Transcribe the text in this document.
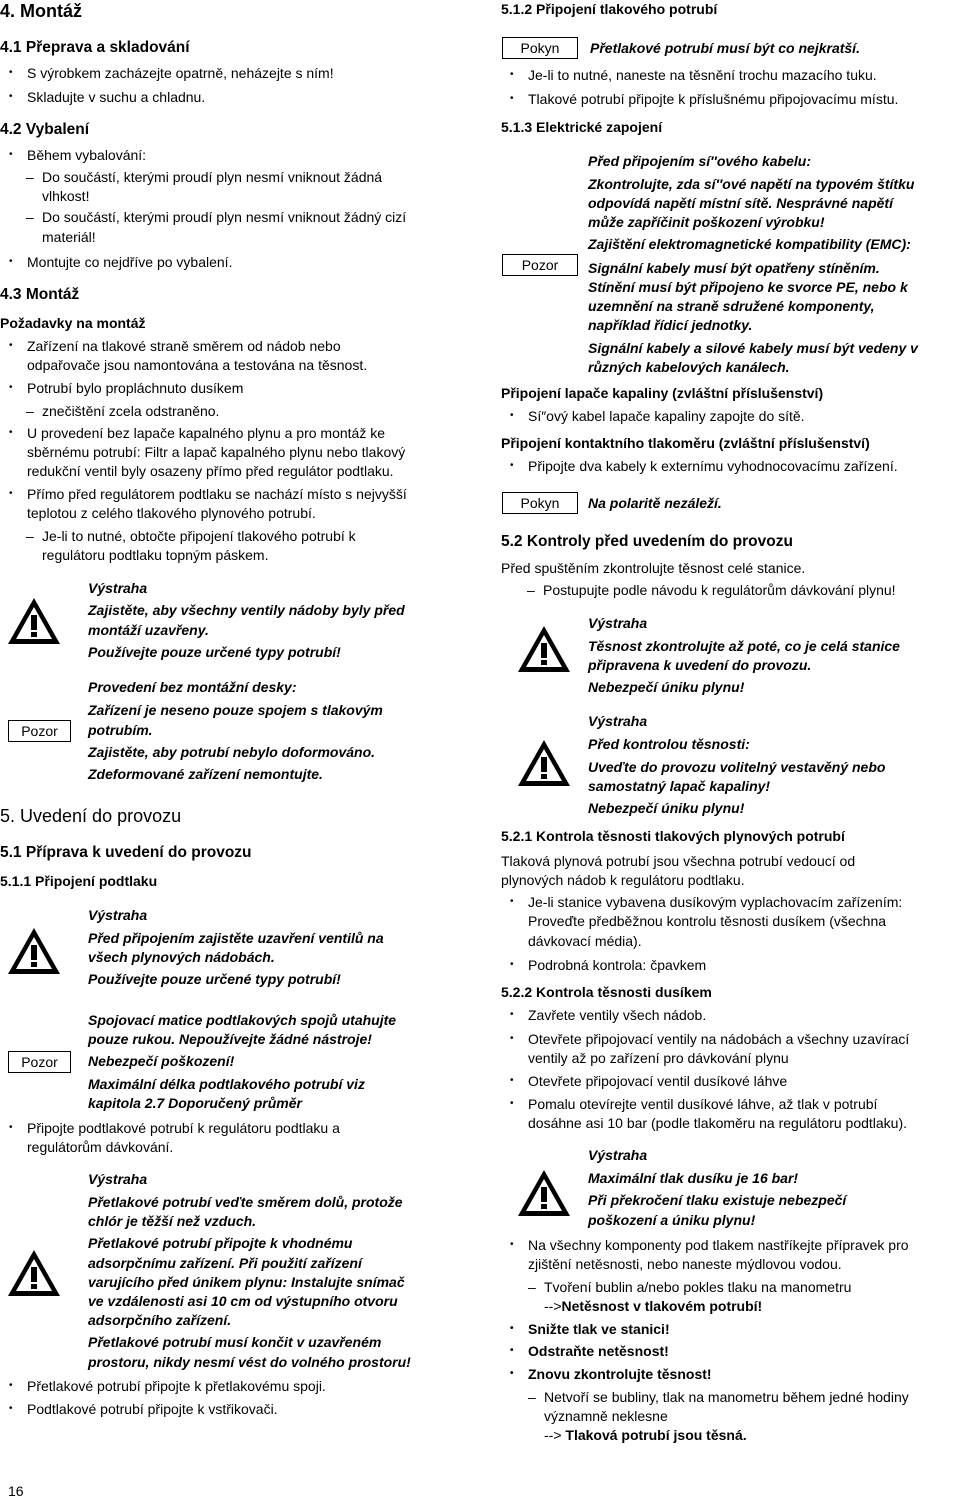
4. Montáž
4.1 Přeprava a skladování
• S výrobkem zacházejte opatrně, neházejte s ním!
• Skladujte v suchu a chladnu.
4.2 Vybalení
• Během vybalování:
– Do součástí, kterými proudí plyn nesmí vniknout žádná
vlhkost!
– Do součástí, kterými proudí plyn nesmí vniknout žádný cizí
materiál!
• Montujte co nejdříve po vybalení.
4.3 Montáž
Požadavky na montáž
• Zařízení na tlakové straně směrem od nádob nebo
odpařovače jsou namontována a testována na těsnost.
• Potrubí bylo propláchnuto dusíkem
– znečištění zcela odstraněno.
• U provedení bez lapače kapalného plynu a pro montáž ke
sběrnému potrubí: Filtr a lapač kapalného plynu nebo tlakový
redukční ventil byly osazeny přímo před regulátor podtlaku.
• Přímo před regulátorem podtlaku se nachází místo s nejvyšší
teplotou z celého tlakového plynového potrubí.
– Je-li to nutné, obtočte připojení tlakového potrubí k
regulátoru podtlaku topným páskem.
Výstraha
Zajistěte, aby všechny ventily nádoby byly před
montáží uzavřeny.
Používejte pouze určené typy potrubí!
Pozor
Provedení bez montážní desky:
Zařízení je neseno pouze spojem s tlakovým
potrubím.
Zajistěte, aby potrubí nebylo doformováno.
Zdeformované zařízení nemontujte.
5. Uvedení do provozu
5.1 Příprava k uvedení do provozu
5.1.1 Připojení podtlaku
Výstraha
Před připojením zajistěte uzavření ventilů na
všech plynových nádobách.
Používejte pouze určené typy potrubí!
Pozor
Spojovací matice podtlakových spojů utahujte
pouze rukou. Nepoužívejte žádné nástroje!
Nebezpečí poškození!
Maximální délka podtlakového potrubí viz
kapitola 2.7 Doporučený průměr
• Připojte podtlakové potrubí k regulátoru podtlaku a
regulátorům dávkování.
Výstraha
Přetlakové potrubí veďte směrem dolů, protože
chlór je těžší než vzduch.
Přetlakové potrubí připojte k vhodnému
adsorpčnímu zařízení. Při použití zařízení
varujícího před únikem plynu: Instalujte snímač
ve vzdálenosti asi 10 cm od výstupního otvoru
adsorpčního zařízení.
Přetlakové potrubí musí končit v uzavřeném
prostoru, nikdy nesmí vést do volného prostoru!
• Přetlakové potrubí připojte k přetlakovému spoji.
• Podtlakové potrubí připojte k vstřikovači.
5.1.2 Připojení tlakového potrubí
Pokyn Přetlakové potrubí musí být co nejkratší.
• Je-li to nutné, naneste na těsnění trochu mazacího tuku.
• Tlakové potrubí připojte k příslušnému připojovacímu místu.
5.1.3 Elektrické zapojení
Pozor
Před připojením sí″ového kabelu:
Zkontrolujte, zda sí″ové napětí na typovém štítku
odpovídá napětí místní sítě. Nesprávné napětí
může zapříčinit poškození výrobku!
Zajištění elektromagnetické kompatibility (EMC):
Signální kabely musí být opatřeny stíněním.
Stínění musí být připojeno ke svorce PE, nebo k
uzemnění na straně sdružené komponenty,
například řídicí jednotky.
Signální kabely a silové kabely musí být vedeny v
různých kabelových kanálech.
Připojení lapače kapaliny (zvláštní příslušenství)
• Sí″ový kabel lapače kapaliny zapojte do sítě.
Připojení kontaktního tlakoměru (zvláštní příslušenství)
• Připojte dva kabely k externímu vyhodnocovacímu zařízení.
Pokyn Na polaritě nezáleží.
5.2 Kontroly před uvedením do provozu
Před spuštěním zkontrolujte těsnost celé stanice.
– Postupujte podle návodu k regulátorům dávkování plynu!
Výstraha
Těsnost zkontrolujte až poté, co je celá stanice
připravena k uvedení do provozu.
Nebezpečí úniku plynu!
Výstraha
Před kontrolou těsnosti:
Uveďte do provozu volitelný vestavěný nebo
samostatný lapač kapaliny!
Nebezpečí úniku plynu!
5.2.1 Kontrola těsnosti tlakových plynových potrubí
Tlaková plynová potrubí jsou všechna potrubí vedoucí od
plynových nádob k regulátoru podtlaku.
• Je-li stanice vybavena dusíkovým vyplachovacím zařízením:
Proveďte předběžnou kontrolu těsnosti dusíkem (všechna
dávkovací média).
• Podrobná kontrola: čpavkem
5.2.2 Kontrola těsnosti dusíkem
• Zavřete ventily všech nádob.
• Otevřete připojovací ventily na nádobách a všechny uzavírací
ventily až po zařízení pro dávkování plynu
• Otevřete připojovací ventil dusíkové láhve
• Pomalu otevírejte ventil dusíkové láhve, až tlak v potrubí
dosáhne asi 10 bar (podle tlakoměru na regulátoru podtlaku).
Výstraha
Maximální tlak dusíku je 16 bar!
Při překročení tlaku existuje nebezpečí
poškození a úniku plynu!
• Na všechny komponenty pod tlakem nastříkejte přípravek pro
zjištění netěsnosti, nebo naneste mýdlovou vodou.
– Tvoření bublin a/nebo pokles tlaku na manometru
-->Netěsnost v tlakovém potrubí!
• Snižte tlak ve stanici!
• Odstraňte netěsnost!
• Znovu zkontrolujte těsnost!
– Netvoří se bubliny, tlak na manometru během jedné hodiny
významně neklesne
--> Tlaková potrubí jsou těsná.
16
